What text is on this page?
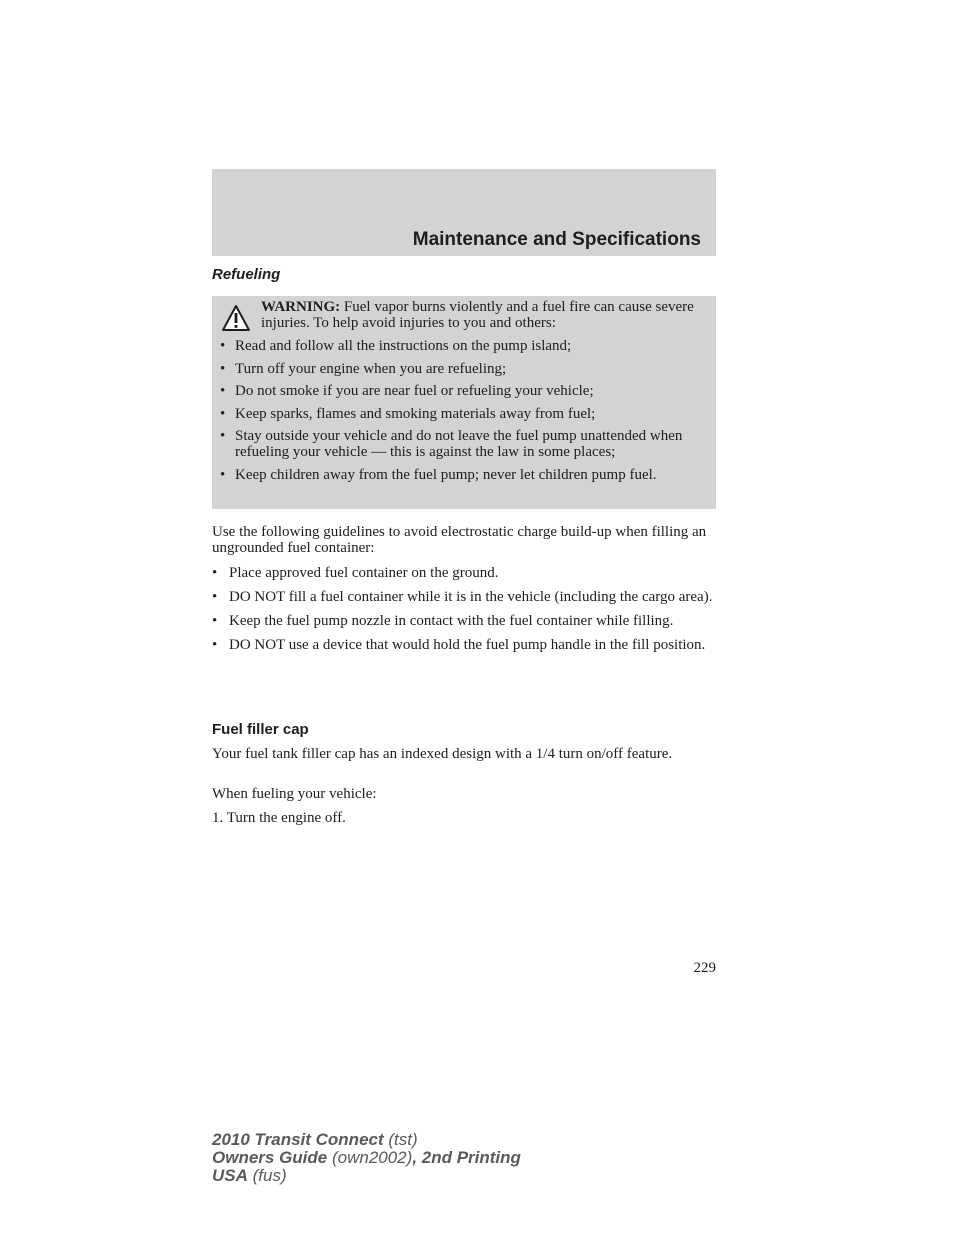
Maintenance and Specifications
Refueling

WARNING: Fuel vapor burns violently and a fuel fire can cause severe injuries. To help avoid injuries to you and others:

• Read and follow all the instructions on the pump island;
• Turn off your engine when you are refueling;
• Do not smoke if you are near fuel or refueling your vehicle;
• Keep sparks, flames and smoking materials away from fuel;
• Stay outside your vehicle and do not leave the fuel pump unattended when refueling your vehicle — this is against the law in some places;
• Keep children away from the fuel pump; never let children pump fuel.

Use the following guidelines to avoid electrostatic charge build-up when filling an ungrounded fuel container:

• Place approved fuel container on the ground.
• DO NOT fill a fuel container while it is in the vehicle (including the cargo area).
• Keep the fuel pump nozzle in contact with the fuel container while filling.
• DO NOT use a device that would hold the fuel pump handle in the fill position.
Fuel filler cap

Your fuel tank filler cap has an indexed design with a 1/4 turn on/off feature.

When fueling your vehicle:

1. Turn the engine off.

229

2010 Transit Connect (tst)
Owners Guide (own2002), 2nd Printing
USA (fus)
